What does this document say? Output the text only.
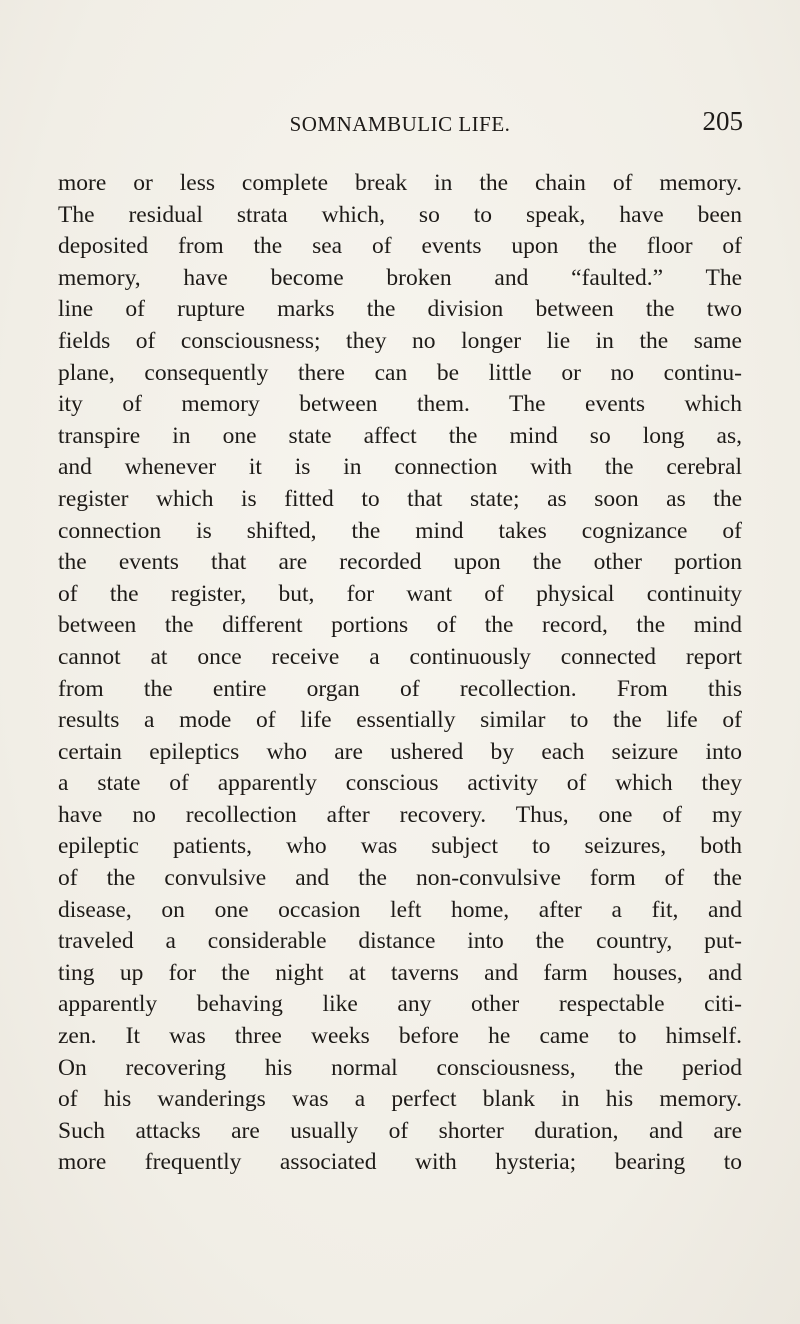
SOMNAMBULIC LIFE.	205
more or less complete break in the chain of memory.
The residual strata which, so to speak, have been
deposited from the sea of events upon the floor of
memory, have become broken and “faulted.” The
line of rupture marks the division between the two
fields of consciousness; they no longer lie in the same
plane, consequently there can be little or no continu-
ity of memory between them. The events which
transpire in one state affect the mind so long as,
and whenever it is in connection with the cerebral
register which is fitted to that state; as soon as the
connection is shifted, the mind takes cognizance of
the events that are recorded upon the other portion
of the register, but, for want of physical continuity
between the different portions of the record, the mind
cannot at once receive a continuously connected report
from the entire organ of recollection. From this
results a mode of life essentially similar to the life of
certain epileptics who are ushered by each seizure into
a state of apparently conscious activity of which they
have no recollection after recovery. Thus, one of my
epileptic patients, who was subject to seizures, both
of the convulsive and the non-convulsive form of the
disease, on one occasion left home, after a fit, and
traveled a considerable distance into the country, put-
ting up for the night at taverns and farm houses, and
apparently behaving like any other respectable citi-
zen. It was three weeks before he came to himself.
On recovering his normal consciousness, the period
of his wanderings was a perfect blank in his memory.
Such attacks are usually of shorter duration, and are
more frequently associated with hysteria; bearing to
